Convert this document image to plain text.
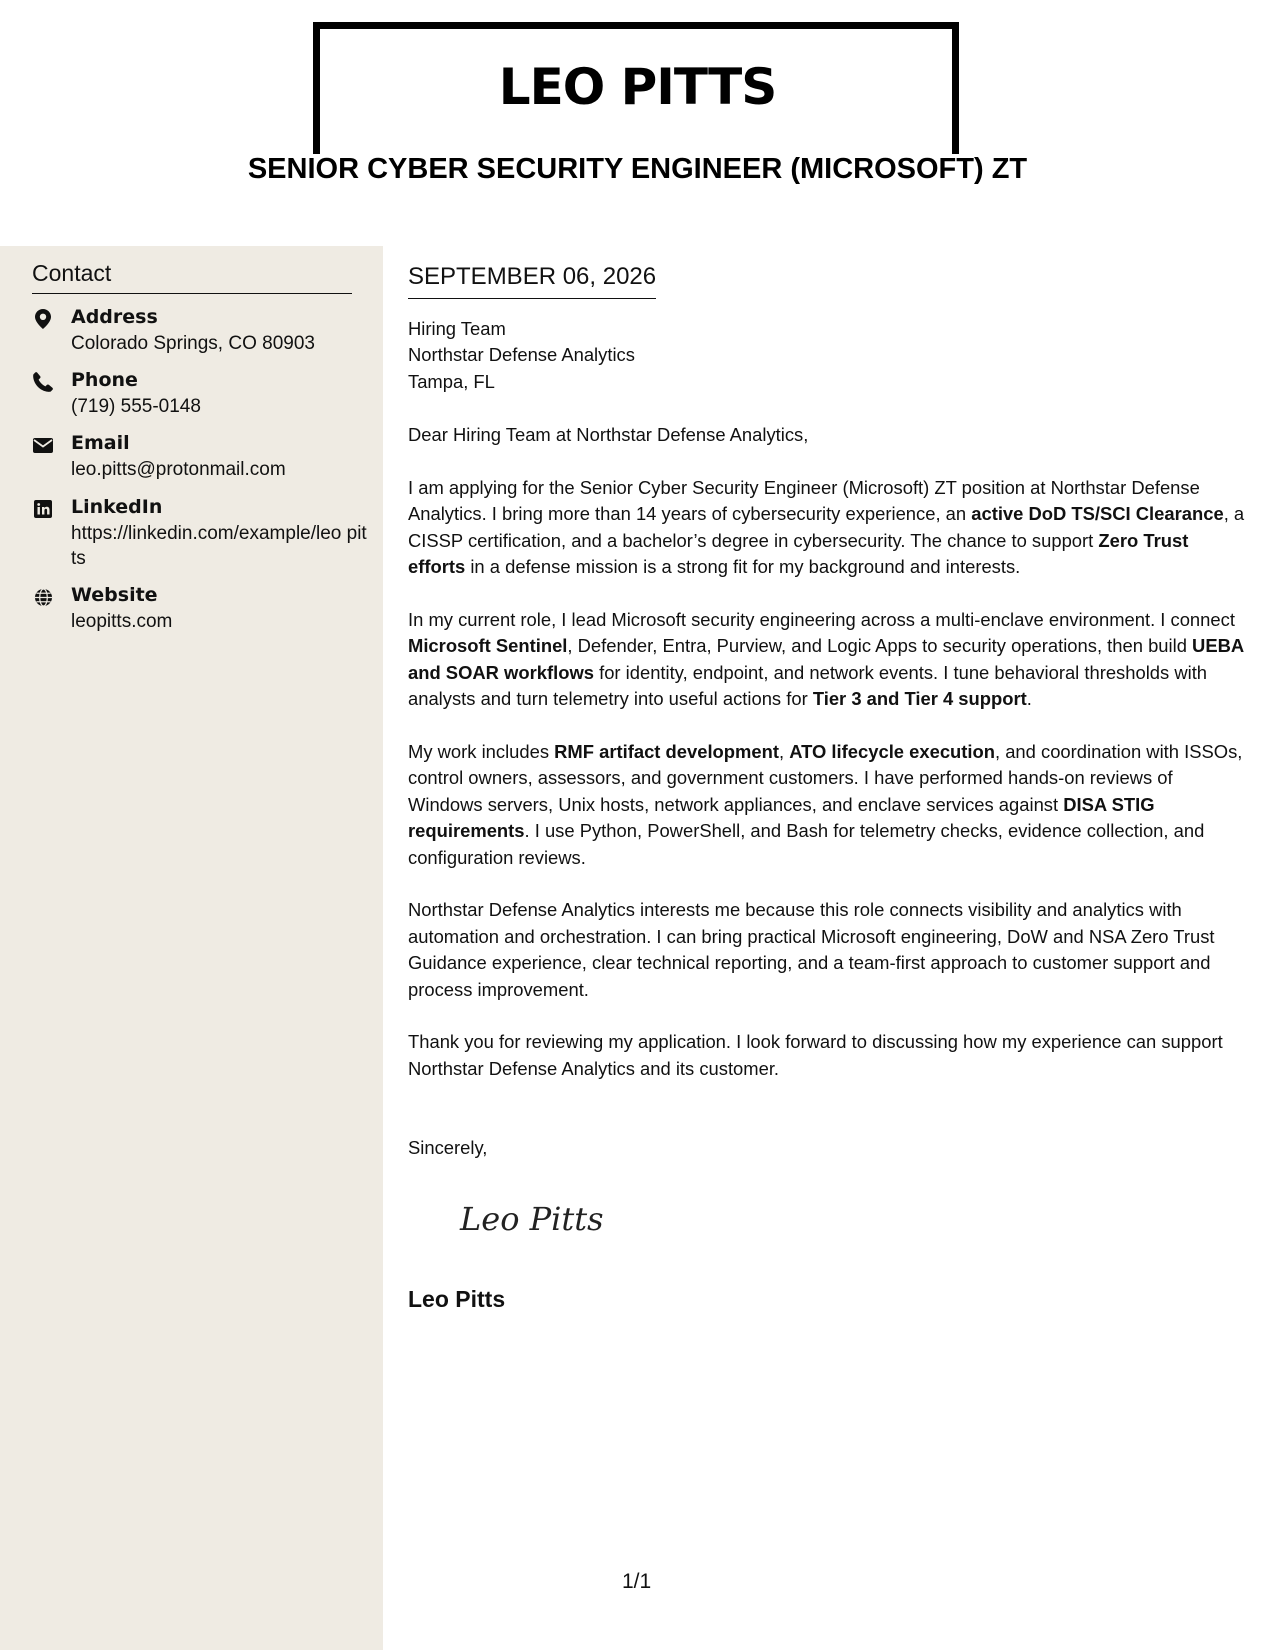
LEO PITTS
SENIOR CYBER SECURITY ENGINEER (MICROSOFT) ZT
Contact
Address
Colorado Springs, CO 80903
Phone
(719) 555-0148
Email
leo.pitts@protonmail.com
LinkedIn
https://linkedin.com/example/leo pitts
Website
leopitts.com
SEPTEMBER 06, 2026
Hiring Team
Northstar Defense Analytics
Tampa, FL

Dear Hiring Team at Northstar Defense Analytics,

I am applying for the Senior Cyber Security Engineer (Microsoft) ZT position at Northstar Defense Analytics. I bring more than 14 years of cybersecurity experience, an active DoD TS/SCI Clearance, a CISSP certification, and a bachelor’s degree in cybersecurity. The chance to support Zero Trust efforts in a defense mission is a strong fit for my background and interests.

In my current role, I lead Microsoft security engineering across a multi-enclave environment. I connect Microsoft Sentinel, Defender, Entra, Purview, and Logic Apps to security operations, then build UEBA and SOAR workflows for identity, endpoint, and network events. I tune behavioral thresholds with analysts and turn telemetry into useful actions for Tier 3 and Tier 4 support.

My work includes RMF artifact development, ATO lifecycle execution, and coordination with ISSOs, control owners, assessors, and government customers. I have performed hands-on reviews of Windows servers, Unix hosts, network appliances, and enclave services against DISA STIG requirements. I use Python, PowerShell, and Bash for telemetry checks, evidence collection, and configuration reviews.

Northstar Defense Analytics interests me because this role connects visibility and analytics with automation and orchestration. I can bring practical Microsoft engineering, DoW and NSA Zero Trust Guidance experience, clear technical reporting, and a team-first approach to customer support and process improvement.

Thank you for reviewing my application. I look forward to discussing how my experience can support Northstar Defense Analytics and its customer.

Sincerely,

Leo Pitts
Leo Pitts
1/1
